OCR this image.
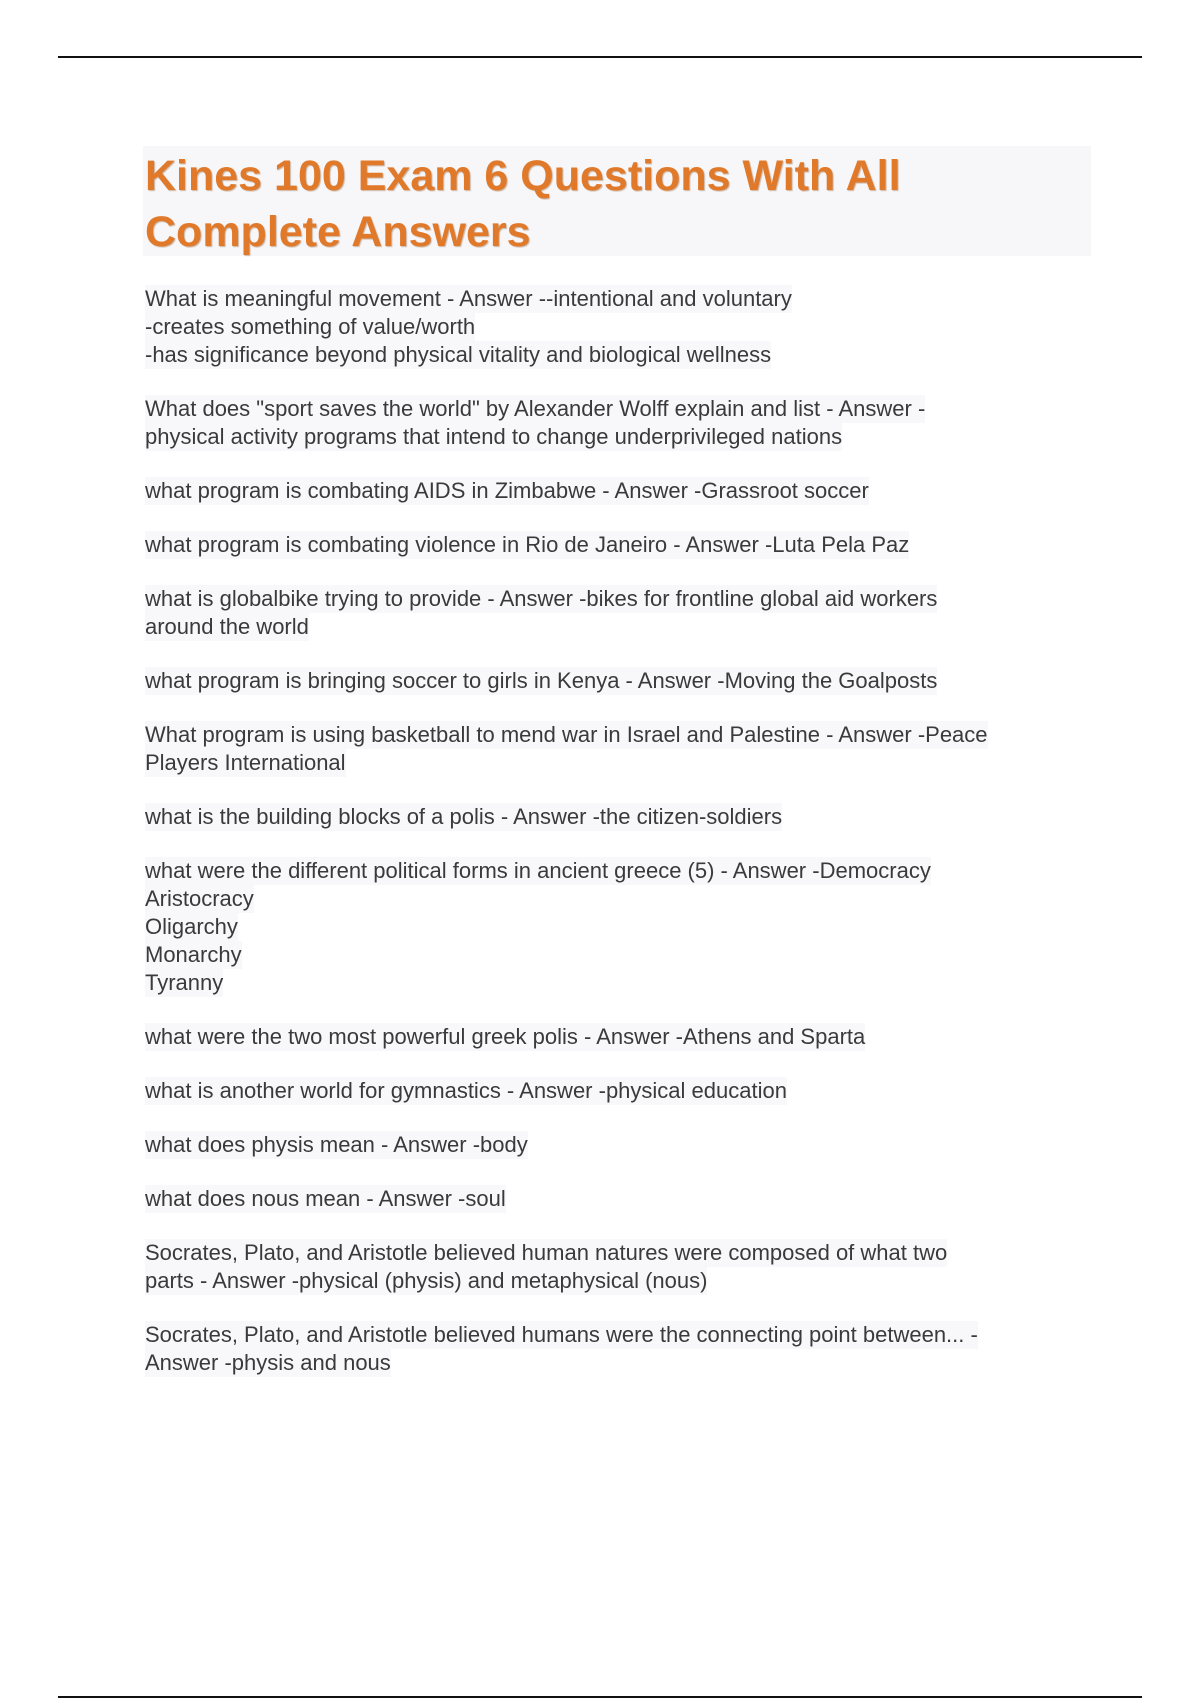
Kines 100 Exam 6 Questions With All
Complete Answers
What is meaningful movement - Answer --intentional and voluntary
-creates something of value/worth
-has significance beyond physical vitality and biological wellness
What does "sport saves the world" by Alexander Wolff explain and list - Answer -
physical activity programs that intend to change underprivileged nations
what program is combating AIDS in Zimbabwe - Answer -Grassroot soccer
what program is combating violence in Rio de Janeiro - Answer -Luta Pela Paz
what is globalbike trying to provide - Answer -bikes for frontline global aid workers
around the world
what program is bringing soccer to girls in Kenya - Answer -Moving the Goalposts
What program is using basketball to mend war in Israel and Palestine - Answer -Peace
Players International
what is the building blocks of a polis - Answer -the citizen-soldiers
what were the different political forms in ancient greece (5) - Answer -Democracy
Aristocracy
Oligarchy
Monarchy
Tyranny
what were the two most powerful greek polis - Answer -Athens and Sparta
what is another world for gymnastics - Answer -physical education
what does physis mean - Answer -body
what does nous mean - Answer -soul
Socrates, Plato, and Aristotle believed human natures were composed of what two
parts - Answer -physical (physis) and metaphysical (nous)
Socrates, Plato, and Aristotle believed humans were the connecting point between... -
Answer -physis and nous
